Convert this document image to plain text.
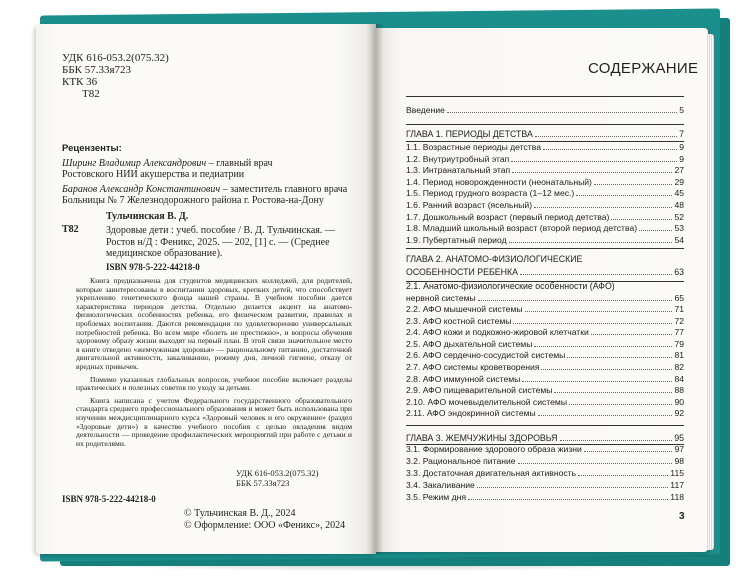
УДК 616-053.2(075.32)
ББК 57.33я723
КТК 36
Т82
Рецензенты:
Ширинг Владимир Александрович – главный врач
Ростовского НИИ акушерства и педиатрии
Баранов Александр Константинович – заместитель главного врача
Больницы № 7 Железнодорожного района г. Ростова-на-Дону
Тульчинская В. Д.
Т82	Здоровые дети : учеб. пособие / В. Д. Тульчинская. — Ростов н/Д : Феникс, 2025. — 202, [1] с. — (Среднее медицинское образование).
ISBN 978-5-222-44218-0

Книга предназначена для студентов медицинских колледжей, для родителей, которые заинтересованы в воспитании здоровых, крепких детей, что способствует укреплению генетического фонда нашей страны. В учебном пособии дается характеристика периодов детства. Отдельно делается акцент на анатомо-физиологических особенностях ребенка, его физическом развитии, правилах и проблемах воспитания. Даются рекомендации по удовлетворению универсальных потребностей ребенка. Во всем мире «болеть не престижно», и вопросы обучения здоровому образу жизни выходят на первый план. В этой связи значительное место в книге отведено «жемчужинам здоровья» — рациональному питанию, достаточной двигательной активности, закаливанию, режиму дня, личной гигиене, отказу от вредных привычек.

Помимо указанных глобальных вопросов, учебное пособие включает разделы практических и полезных советов по уходу за детьми.

Книга написана с учетом Федерального государственного образовательного стандарта среднего профессионального образования и может быть использована при изучении междисциплинарного курса «Здоровый человек и его окружение» (раздел «Здоровые дети») в качестве учебного пособия с целью овладения видом деятельности — проведение профилактических мероприятий при работе с детьми и их родителями.

УДК 616-053.2(075.32)
ББК 57.33я723
ISBN 978-5-222-44218-0
© Тульчинская В. Д., 2024
© Оформление: ООО «Феникс», 2024
СОДЕРЖАНИЕ
Введение	5
ГЛАВА 1. ПЕРИОДЫ ДЕТСТВА	7
1.1. Возрастные периоды детства	9
1.2. Внутриутробный этап	9
1.3. Интранатальный этап	27
1.4. Период новорожденности (неонатальный)	29
1.5. Период грудного возраста (1–12 мес.)	45
1.6. Ранний возраст (ясельный)	48
1.7. Дошкольный возраст (первый период детства)	52
1.8. Младший школьный возраст (второй период детства)	53
1.9. Пубертатный период	54
ГЛАВА 2. АНАТОМО-ФИЗИОЛОГИЧЕСКИЕ
ОСОБЕННОСТИ РЕБЕНКА	63
2.1. Анатомо-физиологические особенности (АФО)
нервной системы	65
2.2. АФО мышечной системы	71
2.3. АФО костной системы	72
2.4. АФО кожи и подкожно-жировой клетчатки	77
2.5. АФО дыхательной системы	79
2.6. АФО сердечно-сосудистой системы	81
2.7. АФО системы кроветворения	82
2.8. АФО иммунной системы	84
2.9. АФО пищеварительной системы	88
2.10. АФО мочевыделительной системы	90
2.11. АФО эндокринной системы	92
ГЛАВА 3. ЖЕМЧУЖИНЫ ЗДОРОВЬЯ	95
3.1. Формирование здорового образа жизни	97
3.2. Рациональное питание	98
3.3. Достаточная двигательная активность	115
3.4. Закаливание	117
3.5. Режим дня	118
3
